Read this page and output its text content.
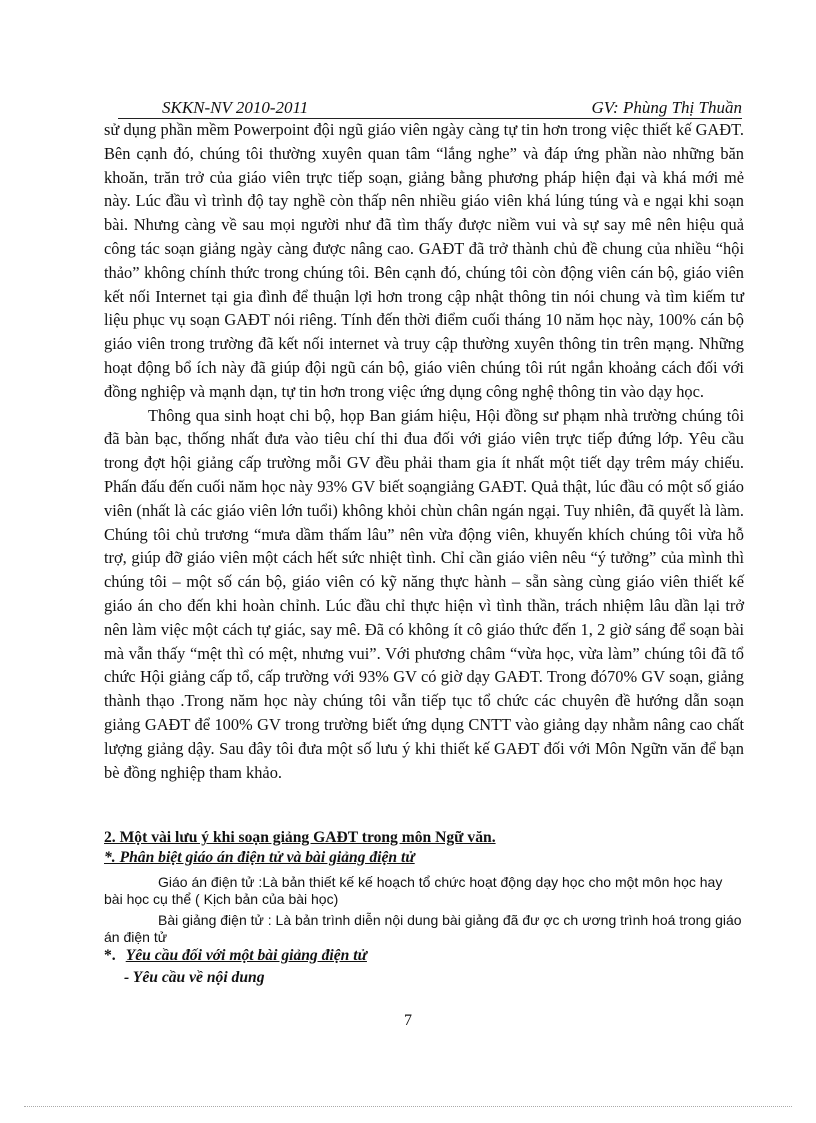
SKKN-NV 2010-2011	GV: Phùng Thị Thuần

sử dụng phần mềm Powerpoint đội ngũ giáo viên ngày càng tự tin hơn trong việc thiết kế GAĐT. Bên cạnh đó, chúng tôi thường xuyên quan tâm “lắng nghe” và đáp ứng phần nào những băn khoăn, trăn trở của giáo viên trực tiếp soạn, giảng bằng phương pháp hiện đại và khá mới mẻ này. Lúc đầu vì trình độ tay nghề còn thấp nên nhiều giáo viên khá lúng túng và e ngại khi soạn bài. Nhưng càng về sau mọi người như đã tìm thấy được niềm vui và sự say mê nên hiệu quả công tác soạn giảng ngày càng được nâng cao. GAĐT đã trở thành chủ đề chung của nhiều “hội thảo” không chính thức trong chúng tôi. Bên cạnh đó, chúng tôi còn động viên cán bộ, giáo viên kết nối Internet tại gia đình để thuận lợi hơn trong cập nhật thông tin nói chung và tìm kiếm tư liệu phục vụ soạn GAĐT nói riêng. Tính đến thời điểm cuối tháng 10 năm học này, 100% cán bộ giáo viên trong trường đã kết nối internet và truy cập thường xuyên thông tin trên mạng. Những hoạt động bổ ích này đã giúp đội ngũ cán bộ, giáo viên chúng tôi rút ngắn khoảng cách đối với đồng nghiệp và mạnh dạn, tự tin hơn trong việc ứng dụng công nghệ thông tin vào dạy học.

Thông qua sinh hoạt chi bộ, họp Ban giám hiệu, Hội đồng sư phạm nhà trường chúng tôi đã bàn bạc, thống nhất đưa vào tiêu chí thi đua đối với giáo viên trực tiếp đứng lớp. Yêu cầu trong đợt hội giảng cấp trường mỗi GV đều phải tham gia ít nhất một tiết dạy trêm máy chiếu. Phấn đấu đến cuối năm học này 93% GV biết soạngiảng GAĐT. Quả thật, lúc đầu có một số giáo viên (nhất là các giáo viên lớn tuổi) không khỏi chùn chân ngán ngại. Tuy nhiên, đã quyết là làm. Chúng tôi chủ trương “mưa dầm thấm lâu” nên vừa động viên, khuyến khích chúng tôi vừa hỗ trợ, giúp đỡ giáo viên một cách hết sức nhiệt tình. Chỉ cần giáo viên nêu “ý tưởng” của mình thì chúng tôi – một số cán bộ, giáo viên có kỹ năng thực hành – sẵn sàng cùng giáo viên thiết kế giáo án cho đến khi hoàn chỉnh. Lúc đầu chỉ thực hiện vì tình thần, trách nhiệm lâu dần lại trở nên làm việc một cách tự giác, say mê. Đã có không ít cô giáo thức đến 1, 2 giờ sáng để soạn bài mà vẫn thấy “mệt thì có mệt, nhưng vui”. Với phương châm “vừa học, vừa làm” chúng tôi đã tổ chức Hội giảng cấp tổ, cấp trường với 93% GV có giờ dạy GAĐT. Trong đó70% GV soạn, giảng thành thạo .Trong năm học này chúng tôi vẫn tiếp tục tổ chức các chuyên đề hướng dẫn soạn giảng GAĐT để 100% GV trong trường biết ứng dụng CNTT vào giảng dạy nhằm nâng cao chất lượng giảng dậy. Sau đây tôi đưa một số lưu ý khi thiết kế GAĐT đối với Môn Ngữn văn để bạn bè đồng nghiệp tham khảo.

2. Một vài lưu ý khi soạn giảng GAĐT trong môn Ngữ văn.

*. Phân biệt giáo án điện tử và bài giảng điện tử

Giáo án điện tử :Là bản thiết kế kế hoạch tổ chức hoạt động dạy học cho một môn học hay bài học cụ thể ( Kịch bản của bài học)

Bài giảng điện tử : Là bản trình diễn nội dung bài giảng đã đư ợc ch ương trình hoá trong giáo án điện tử

*. Yêu cầu đối với một bài giảng điện tử

- Yêu cầu về nội dung

7
